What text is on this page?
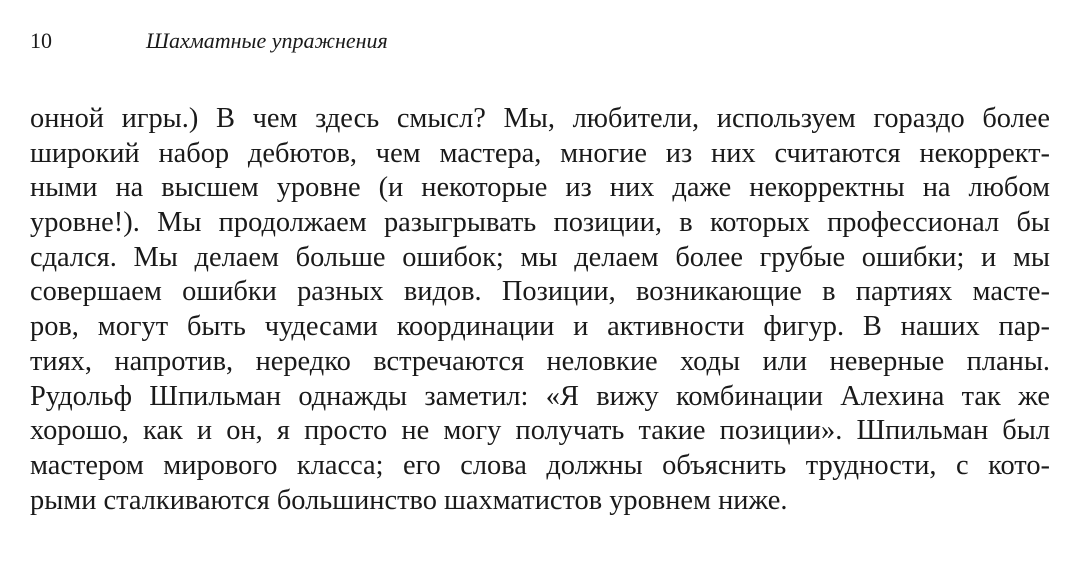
10	Шахматные упражнения
онной игры.) В чем здесь смысл? Мы, любители, используем гораздо более
широкий набор дебютов, чем мастера, многие из них считаются некоррект-
ными на высшем уровне (и некоторые из них даже некорректны на любом
уровне!). Мы продолжаем разыгрывать позиции, в которых профессионал бы
сдался. Мы делаем больше ошибок; мы делаем более грубые ошибки; и мы
совершаем ошибки разных видов. Позиции, возникающие в партиях масте-
ров, могут быть чудесами координации и активности фигур. В наших пар-
тиях, напротив, нередко встречаются неловкие ходы или неверные планы.
Рудольф Шпильман однажды заметил: «Я вижу комбинации Алехина так же
хорошо, как и он, я просто не могу получать такие позиции». Шпильман был
мастером мирового класса; его слова должны объяснить трудности, с кото-
рыми сталкиваются большинство шахматистов уровнем ниже.
